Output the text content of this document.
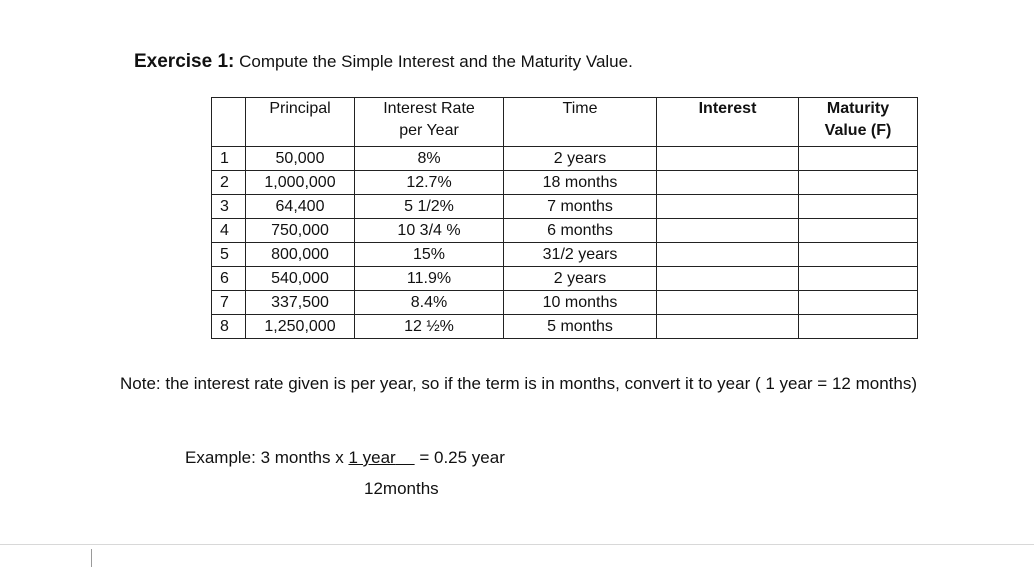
Exercise 1: Compute the Simple Interest and the Maturity Value.
	Principal	Interest Rate per Year	Time	Interest	Maturity Value (F)

1	50,000	8%	2 years		
2	1,000,000	12.7%	18 months		
3	64,400	5 1/2%	7 months		
4	750,000	10 3/4 %	6 months		
5	800,000	15%	31/2 years		
6	540,000	11.9%	2 years		
7	337,500	8.4%	10 months		
8	1,250,000	12 ½%	5 months		
Note: the interest rate given is per year, so if the term is in months, convert it to year ( 1 year = 12 months)
Example: 3 months x 1 year     = 0.25 year
12months
